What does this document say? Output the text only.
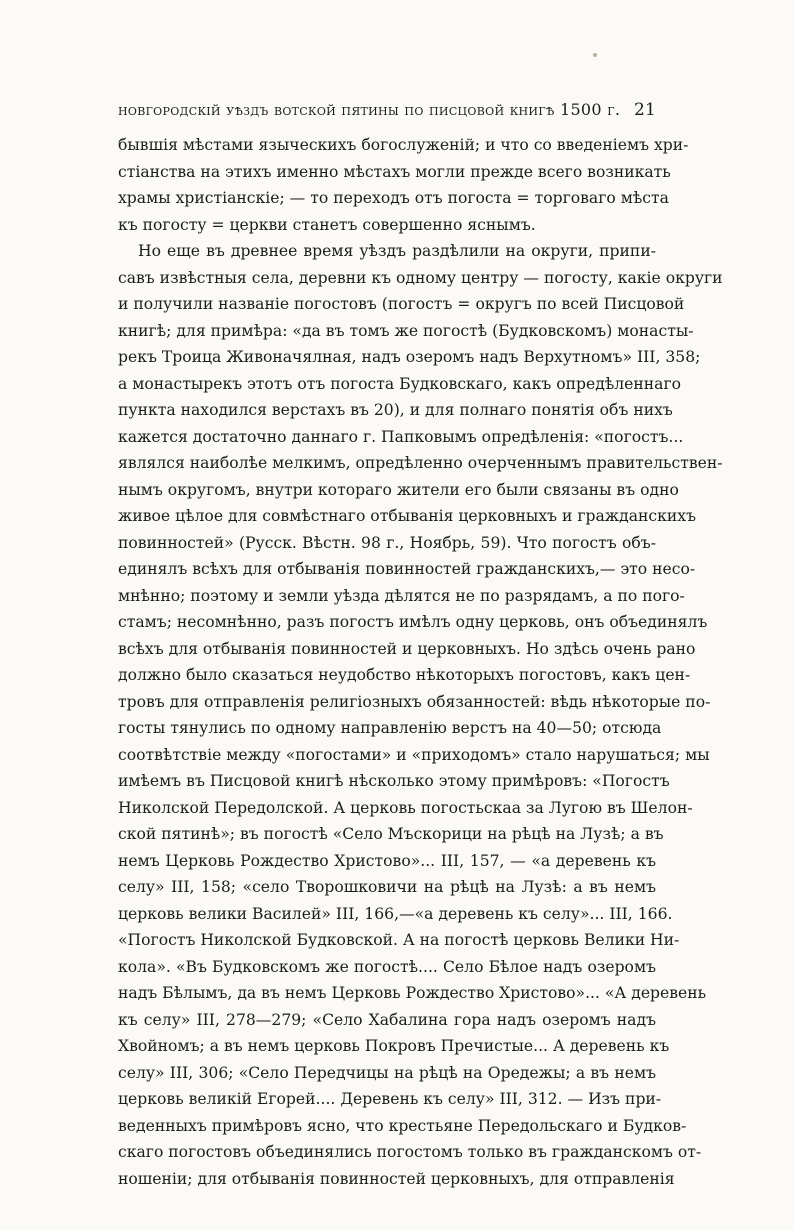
новгородскій уѣздъ вотской пятины по писцовой книгѣ 1500 г. 21
бывшія мѣстами языческихъ богослуженій; и что со введеніемъ хри-
стіанства на этихъ именно мѣстахъ могли прежде всего возникать
храмы христіанскіе; — то переходъ отъ погоста = торговаго мѣста
къ погосту = церкви станетъ совершенно яснымъ.
Но еще въ древнее время уѣздъ раздѣлили на округи, припи-
савъ извѣстныя села, деревни къ одному центру — погосту, какіе округи
и получили названіе погостовъ (погостъ = округъ по всей Писцовой
книгѣ; для примѣра: «да въ томъ же погостѣ (Будковскомъ) монасты-
рекъ Троица Живоначялная, надъ озеромъ надъ Верхутномъ» III, 358;
а монастырекъ этотъ отъ погоста Будковскаго, какъ опредѣленнаго
пункта находился верстахъ въ 20), и для полнаго понятія объ нихъ
кажется достаточно даннаго г. Папковымъ опредѣленія: «погостъ...
являлся наиболѣе мелкимъ, опредѣленно очерченнымъ правительствен-
нымъ округомъ, внутри котораго жители его были связаны въ одно
живое цѣлое для совмѣстнаго отбыванія церковныхъ и гражданскихъ
повинностей» (Русск. Вѣстн. 98 г., Ноябрь, 59). Что погостъ объ-
единялъ всѣхъ для отбыванія повинностей гражданскихъ,— это несо-
мнѣнно; поэтому и земли уѣзда дѣлятся не по разрядамъ, а по пого-
стамъ; несомнѣнно, разъ погостъ имѣлъ одну церковь, онъ объединялъ
всѣхъ для отбыванія повинностей и церковныхъ. Но здѣсь очень рано
должно было сказаться неудобство нѣкоторыхъ погостовъ, какъ цен-
тровъ для отправленія религіозныхъ обязанностей: вѣдь нѣкоторые по-
госты тянулись по одному направленію верстъ на 40—50; отсюда
соотвѣтствіе между «погостами» и «приходомъ» стало нарушаться; мы
имѣемъ въ Писцовой книгѣ нѣсколько этому примѣровъ: «Погостъ
Николской Передолской. А церковь погостьскаа за Лугою въ Шелон-
ской пятинѣ»; въ погостѣ «Село Мъскорици на рѣцѣ на Лузѣ; а въ
немъ Церковь Рождество Христово»... III, 157, — «а деревень къ
селу» III, 158; «село Творошковичи на рѣцѣ на Лузѣ: а въ немъ
церковь велики Василей» III, 166,—«а деревень къ селу»... III, 166.
«Погостъ Николской Будковской. А на погостѣ церковь Велики Ни-
кола». «Въ Будковскомъ же погостѣ.... Село Бѣлое надъ озеромъ
надъ Бѣлымъ, да въ немъ Церковь Рождество Христово»... «А деревень
къ селу» III, 278—279; «Село Хабалина гора надъ озеромъ надъ
Хвойномъ; а въ немъ церковь Покровъ Пречистые... А деревень къ
селу» III, 306; «Село Передчицы на рѣцѣ на Оредежы; а въ немъ
церковь великій Егорей.... Деревень къ селу» III, 312. — Изъ при-
веденныхъ примѣровъ ясно, что крестьяне Передольскаго и Будков-
скаго погостовъ объединялись погостомъ только въ гражданскомъ от-
ношеніи; для отбыванія повинностей церковныхъ, для отправленія
